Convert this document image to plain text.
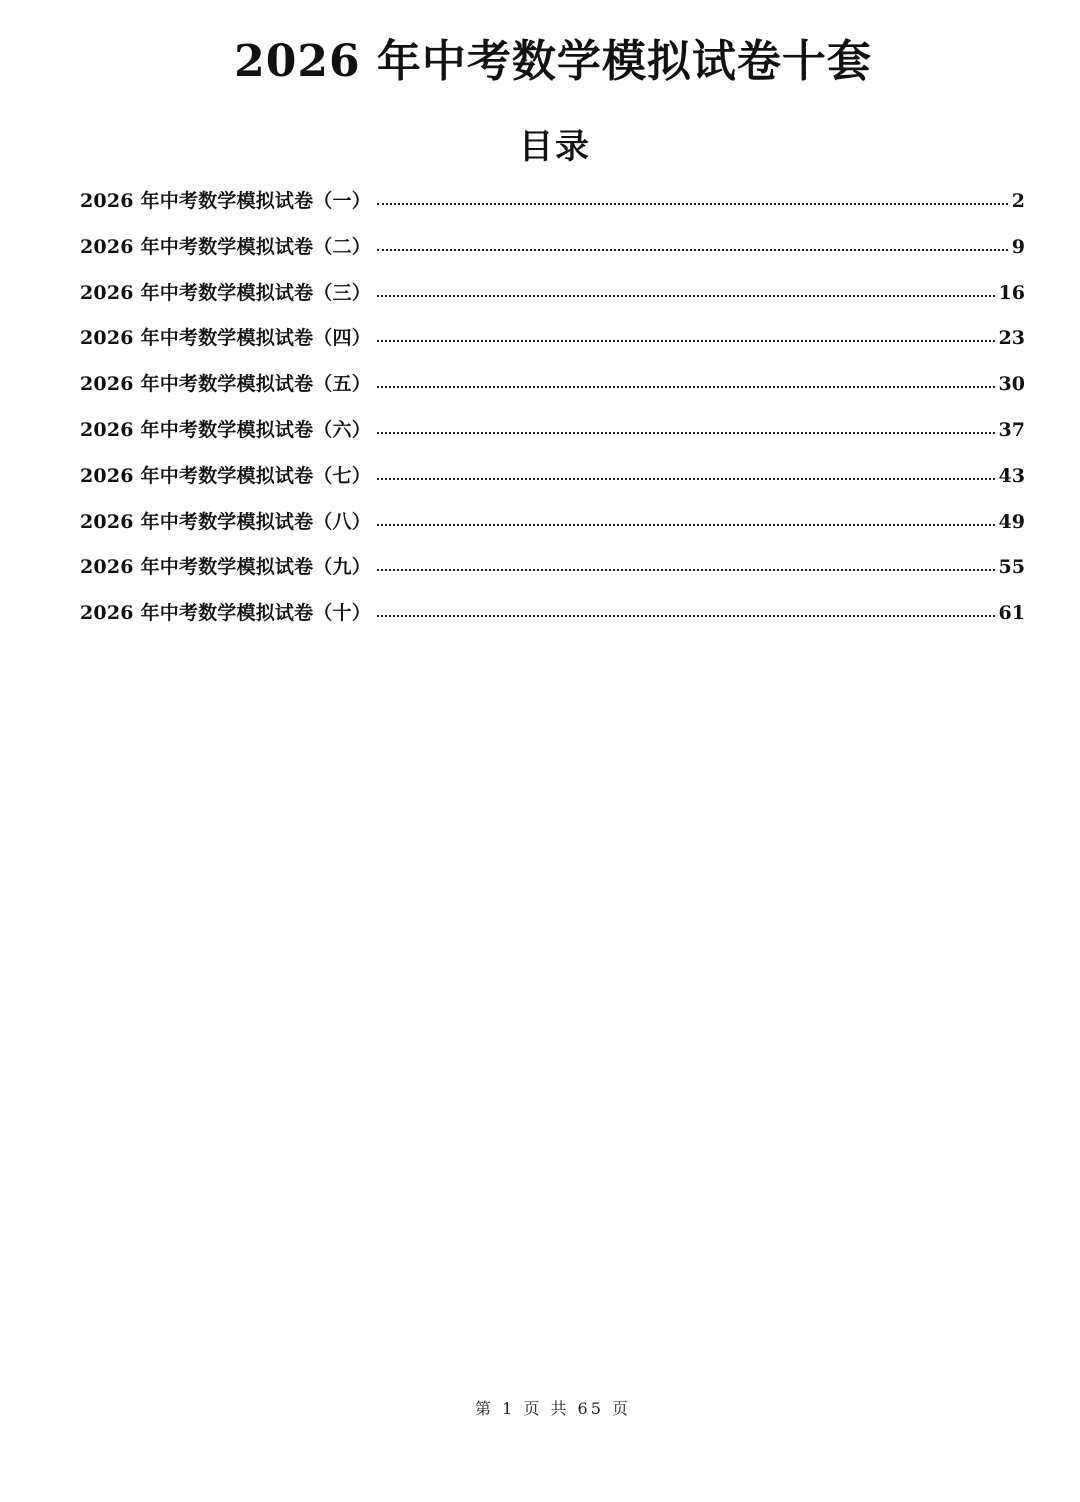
2026 年中考数学模拟试卷十套
目录
2026 年中考数学模拟试卷（一）	2
2026 年中考数学模拟试卷（二）	9
2026 年中考数学模拟试卷（三）	16
2026 年中考数学模拟试卷（四）	23
2026 年中考数学模拟试卷（五）	30
2026 年中考数学模拟试卷（六）	37
2026 年中考数学模拟试卷（七）	43
2026 年中考数学模拟试卷（八）	49
2026 年中考数学模拟试卷（九）	55
2026 年中考数学模拟试卷（十）	61
第 1 页 共 65 页
